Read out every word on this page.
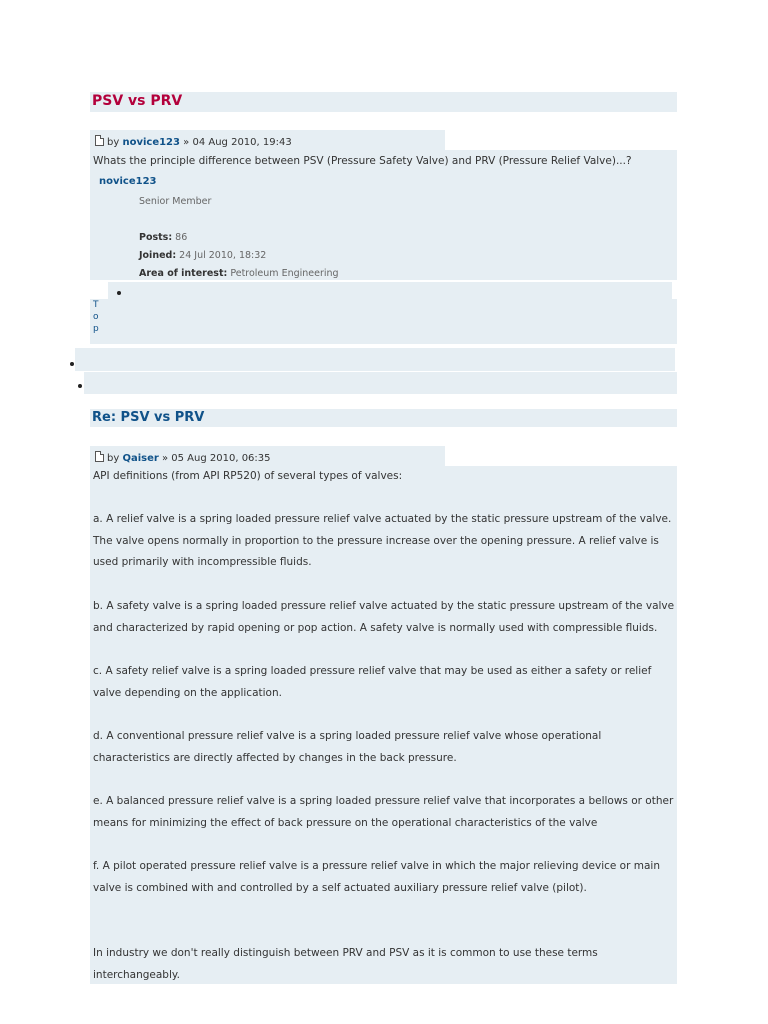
PSV vs PRV
by novice123 » 04 Aug 2010, 19:43
Whats the principle difference between PSV (Pressure Safety Valve) and PRV (Pressure Relief Valve)...?
novice123
Senior Member
Posts: 86
Joined: 24 Jul 2010, 18:32
Area of interest: Petroleum Engineering
T
o
p
Re: PSV vs PRV
by Qaiser » 05 Aug 2010, 06:35
API definitions (from API RP520) of several types of valves:
a. A relief valve is a spring loaded pressure relief valve actuated by the static pressure upstream of the valve. The valve opens normally in proportion to the pressure increase over the opening pressure. A relief valve is used primarily with incompressible fluids.
b. A safety valve is a spring loaded pressure relief valve actuated by the static pressure upstream of the valve and characterized by rapid opening or pop action. A safety valve is normally used with compressible fluids.
c. A safety relief valve is a spring loaded pressure relief valve that may be used as either a safety or relief valve depending on the application.
d. A conventional pressure relief valve is a spring loaded pressure relief valve whose operational characteristics are directly affected by changes in the back pressure.
e. A balanced pressure relief valve is a spring loaded pressure relief valve that incorporates a bellows or other means for minimizing the effect of back pressure on the operational characteristics of the valve
f. A pilot operated pressure relief valve is a pressure relief valve in which the major relieving device or main valve is combined with and controlled by a self actuated auxiliary pressure relief valve (pilot).
In industry we don't really distinguish between PRV and PSV as it is common to use these terms interchangeably.
